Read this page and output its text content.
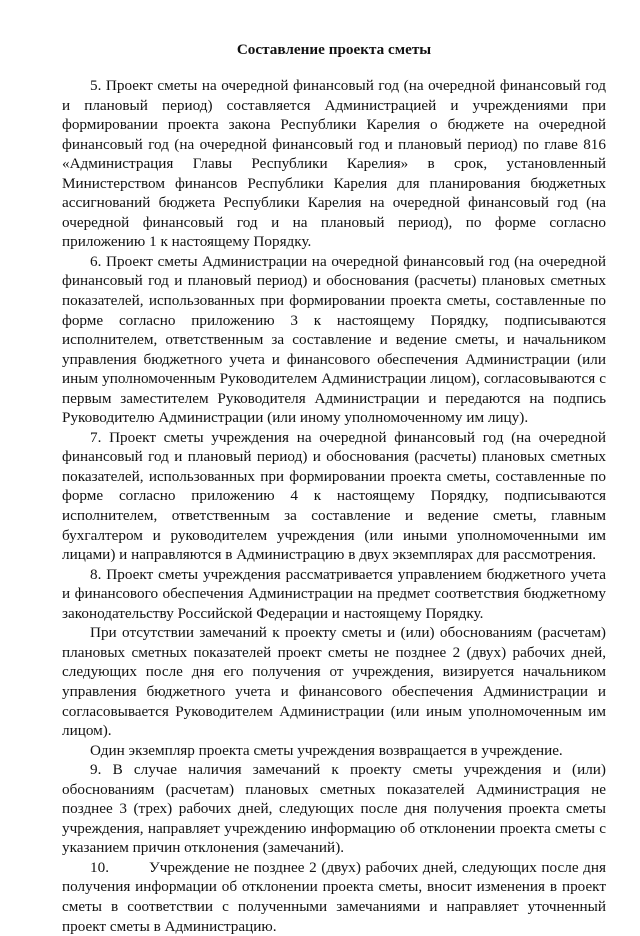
Составление проекта сметы

5. Проект сметы на очередной финансовый год (на очередной финансовый год и плановый период) составляется Администрацией и учреждениями при формировании проекта закона Республики Карелия о бюджете на очередной финансовый год (на очередной финансовый год и плановый период) по главе 816 «Администрация Главы Республики Карелия» в срок, установленный Министерством финансов Республики Карелия для планирования бюджетных ассигнований бюджета Республики Карелия на очередной финансовый год (на очередной финансовый год и на плановый период), по форме согласно приложению 1 к настоящему Порядку.

6. Проект сметы Администрации на очередной финансовый год (на очередной финансовый год и плановый период) и обоснования (расчеты) плановых сметных показателей, использованных при формировании проекта сметы, составленные по форме согласно приложению 3 к настоящему Порядку, подписываются исполнителем, ответственным за составление и ведение сметы, и начальником управления бюджетного учета и финансового обеспечения Администрации (или иным уполномоченным Руководителем Администрации лицом), согласовываются с первым заместителем Руководителя Администрации и передаются на подпись Руководителю Администрации (или иному уполномоченному им лицу).

7. Проект сметы учреждения на очередной финансовый год (на очередной финансовый год и плановый период) и обоснования (расчеты) плановых сметных показателей, использованных при формировании проекта сметы, составленные по форме согласно приложению 4 к настоящему Порядку, подписываются исполнителем, ответственным за составление и ведение сметы, главным бухгалтером и руководителем учреждения (или иными уполномоченными им лицами) и направляются в Администрацию в двух экземплярах для рассмотрения.

8. Проект сметы учреждения рассматривается управлением бюджетного учета и финансового обеспечения Администрации на предмет соответствия бюджетному законодательству Российской Федерации и настоящему Порядку.

При отсутствии замечаний к проекту сметы и (или) обоснованиям (расчетам) плановых сметных показателей проект сметы не позднее 2 (двух) рабочих дней, следующих после дня его получения от учреждения, визируется начальником управления бюджетного учета и финансового обеспечения Администрации и согласовывается Руководителем Администрации (или иным уполномоченным им лицом).

Один экземпляр проекта сметы учреждения возвращается в учреждение.

9. В случае наличия замечаний к проекту сметы учреждения и (или) обоснованиям (расчетам) плановых сметных показателей Администрация не позднее 3 (трех) рабочих дней, следующих после дня получения проекта сметы учреждения, направляет учреждению информацию об отклонении проекта сметы с указанием причин отклонения (замечаний).

10.	Учреждение не позднее 2 (двух) рабочих дней, следующих после дня получения информации об отклонении проекта сметы, вносит изменения в проект сметы в соответствии с полученными замечаниями и направляет уточненный проект сметы в Администрацию.
